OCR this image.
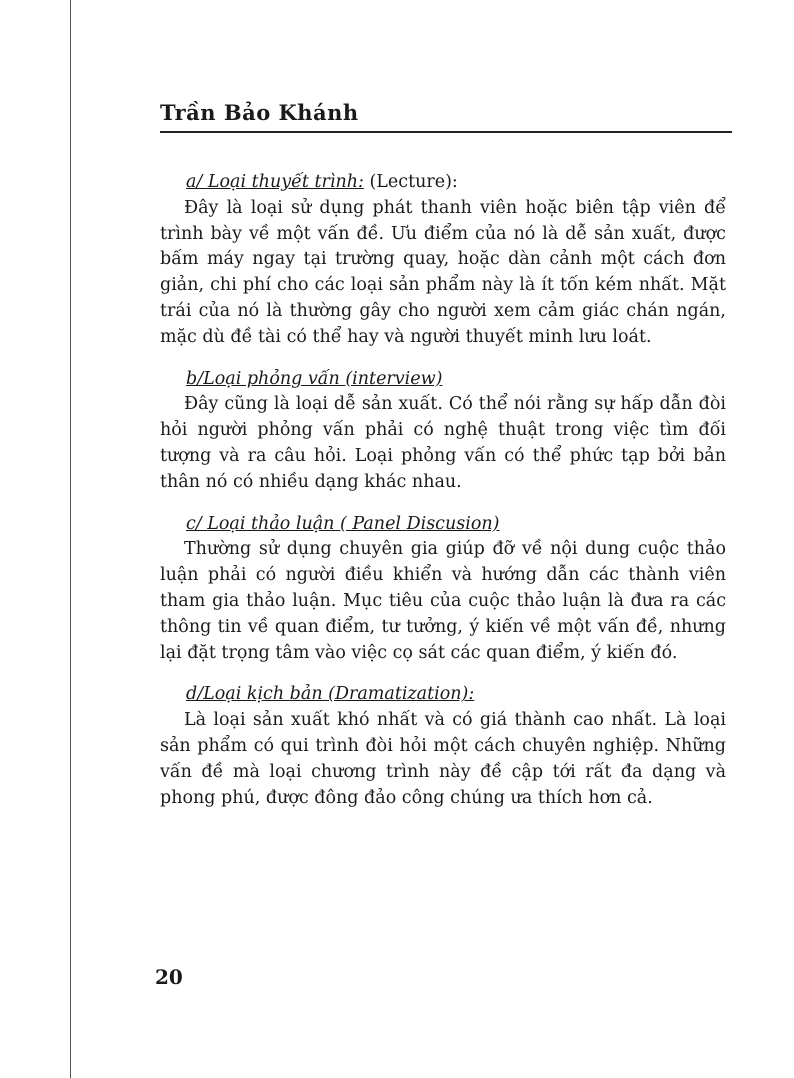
Trần Bảo Khánh
a/ Loại thuyết trình: (Lecture):

Đây là loại sử dụng phát thanh viên hoặc biên tập viên để trình bày về một vấn đề. Ưu điểm của nó là dễ sản xuất, được bấm máy ngay tại trường quay, hoặc dàn cảnh một cách đơn giản, chi phí cho các loại sản phẩm này là ít tốn kém nhất. Mặt trái của nó là thường gây cho người xem cảm giác chán ngán, mặc dù đề tài có thể hay và người thuyết minh lưu loát.

b/Loại phỏng vấn (interview)

Đây cũng là loại dễ sản xuất. Có thể nói rằng sự hấp dẫn đòi hỏi người phỏng vấn phải có nghệ thuật trong việc tìm đối tượng và ra câu hỏi. Loại phỏng vấn có thể phức tạp bởi bản thân nó có nhiều dạng khác nhau.

c/ Loại thảo luận ( Panel Discusion)

Thường sử dụng chuyên gia giúp đỡ về nội dung cuộc thảo luận phải có người điều khiển và hướng dẫn các thành viên tham gia thảo luận. Mục tiêu của cuộc thảo luận là đưa ra các thông tin về quan điểm, tư tưởng, ý kiến về một vấn đề, nhưng lại đặt trọng tâm vào việc cọ sát các quan điểm, ý kiến đó.

d/Loại kịch bản (Dramatization):

Là loại sản xuất khó nhất và có giá thành cao nhất. Là loại sản phẩm có qui trình đòi hỏi một cách chuyên nghiệp. Những vấn đề mà loại chương trình này đề cập tới rất đa dạng và phong phú, được đông đảo công chúng ưa thích hơn cả.

20
